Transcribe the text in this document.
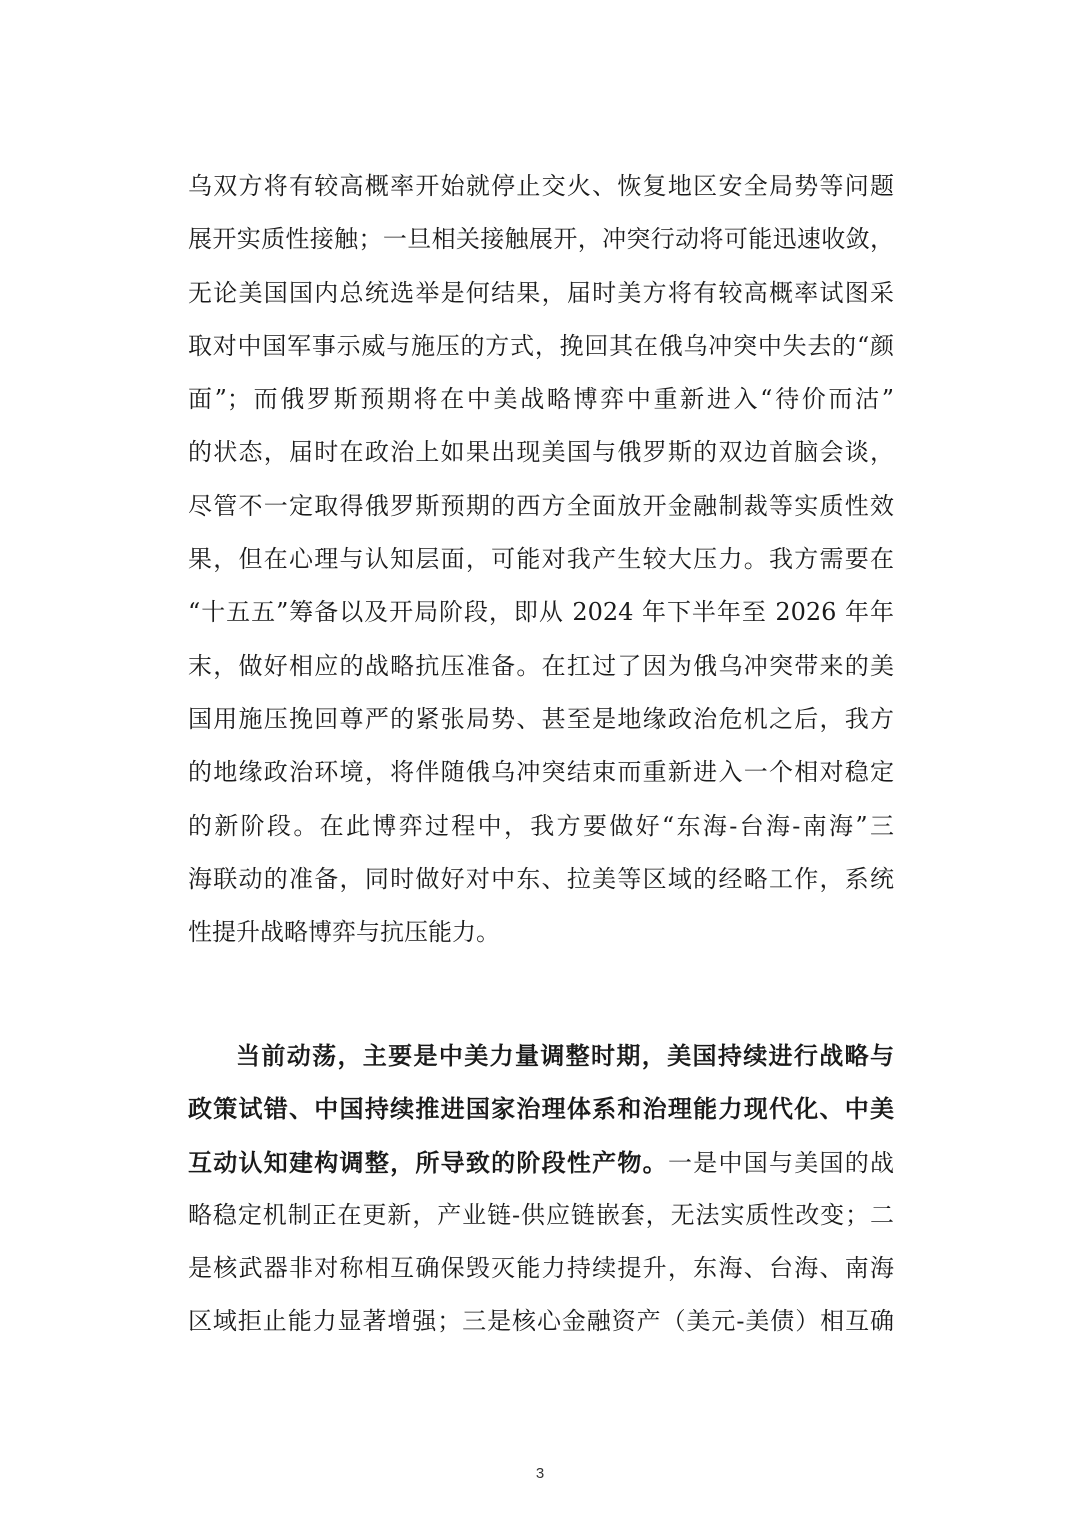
乌双方将有较高概率开始就停止交火、恢复地区安全局势等问题
展开实质性接触；一旦相关接触展开，冲突行动将可能迅速收敛，
无论美国国内总统选举是何结果，届时美方将有较高概率试图采
取对中国军事示威与施压的方式，挽回其在俄乌冲突中失去的“颜
面”；而俄罗斯预期将在中美战略博弈中重新进入“待价而沽”
的状态，届时在政治上如果出现美国与俄罗斯的双边首脑会谈，
尽管不一定取得俄罗斯预期的西方全面放开金融制裁等实质性效
果，但在心理与认知层面，可能对我产生较大压力。我方需要在
“十五五”筹备以及开局阶段，即从 2024 年下半年至 2026 年年
末，做好相应的战略抗压准备。在扛过了因为俄乌冲突带来的美
国用施压挽回尊严的紧张局势、甚至是地缘政治危机之后，我方
的地缘政治环境，将伴随俄乌冲突结束而重新进入一个相对稳定
的新阶段。在此博弈过程中，我方要做好“东海-台海-南海”三
海联动的准备，同时做好对中东、拉美等区域的经略工作，系统
性提升战略博弈与抗压能力。
当前动荡，主要是中美力量调整时期，美国持续进行战略与
政策试错、中国持续推进国家治理体系和治理能力现代化、中美
互动认知建构调整，所导致的阶段性产物。一是中国与美国的战
略稳定机制正在更新，产业链-供应链嵌套，无法实质性改变；二
是核武器非对称相互确保毁灭能力持续提升，东海、台海、南海
区域拒止能力显著增强；三是核心金融资产（美元-美债）相互确
3
